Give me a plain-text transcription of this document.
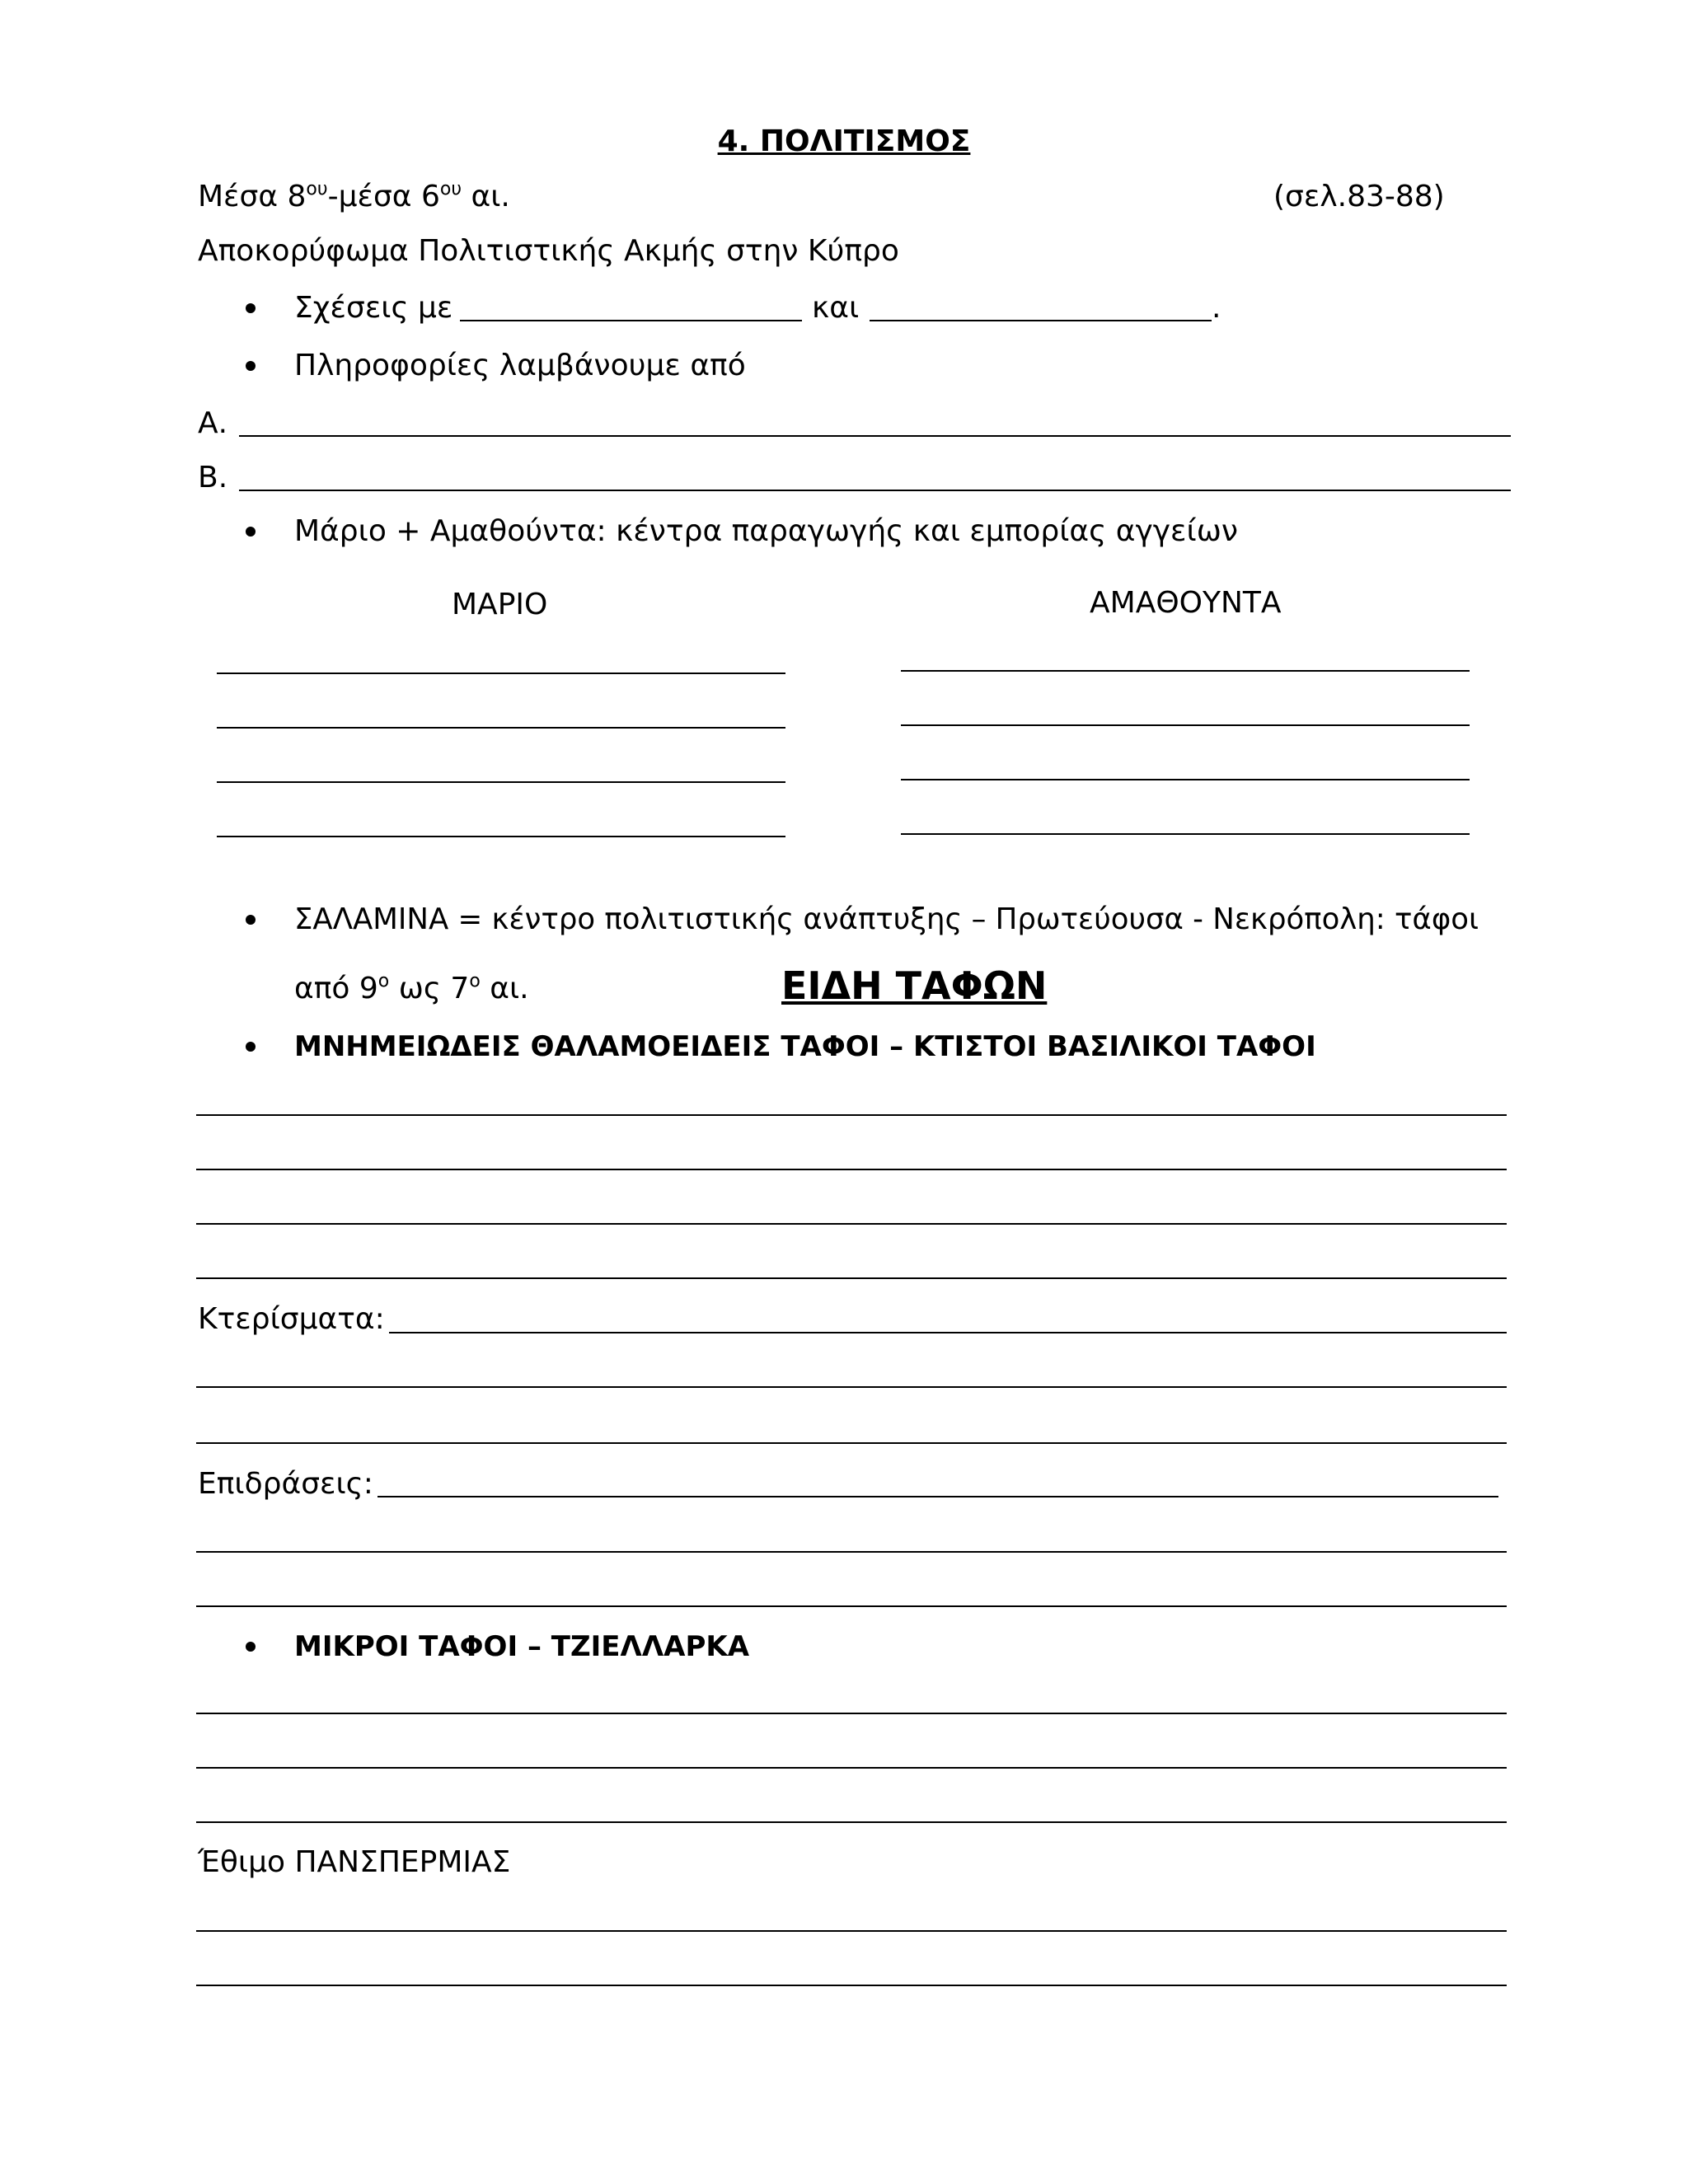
4. ΠΟΛΙΤΙΣΜΟΣ
Μέσα $8^{o\upsilon}$-μέσα $6^{o\upsilon}$ αι.	(σελ.83-88)
Αποκορύφωμα Πολιτιστικής Ακμής στην Κύπρο
Σχέσεις με	και	.
Πληροφορίες λαμβάνουμε από
Α.
Β.
Μάριο + Αμαθούντα: κέντρα παραγωγής και εμπορίας αγγείων
ΜΑΡΙΟ	ΑΜΑΘΟΥΝΤΑ
ΣΑΛΑΜΙΝΑ = κέντρο πολιτιστικής ανάπτυξης – Πρωτεύουσα - Νεκρόπολη: τάφοι
από $9^o$ ως $7^o$ αι.	ΕΙΔΗ ΤΑΦΩΝ
ΜΝΗΜΕΙΩΔΕΙΣ ΘΑΛΑΜΟΕΙΔΕΙΣ ΤΑΦΟΙ – ΚΤΙΣΤΟΙ ΒΑΣΙΛΙΚΟΙ ΤΑΦΟΙ
Κτερίσματα:
Επιδράσεις:
ΜΙΚΡΟΙ ΤΑΦΟΙ – ΤΖΙΕΛΛΑΡΚΑ
Έθιμο ΠΑΝΣΠΕΡΜΙΑΣ
